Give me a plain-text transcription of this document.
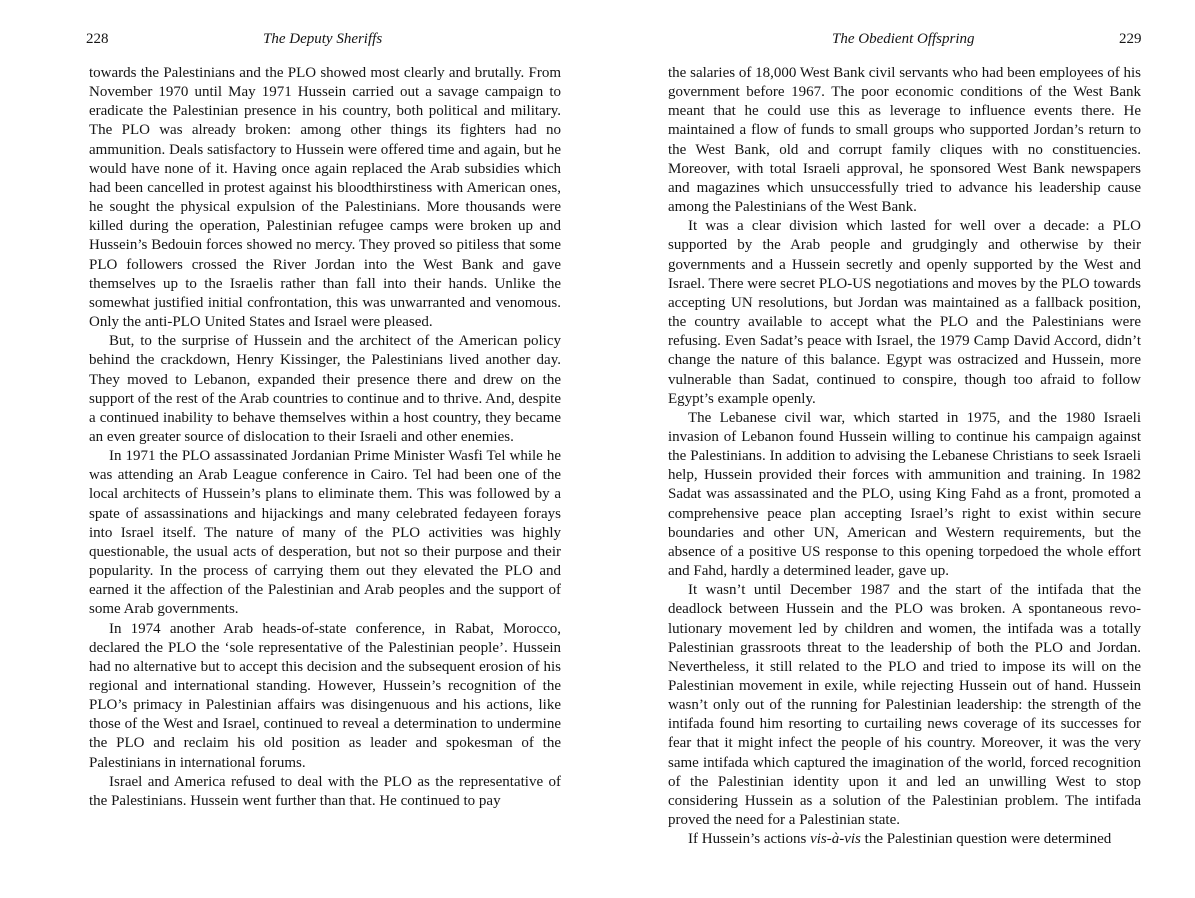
228	The Deputy Sheriffs

towards the Palestinians and the PLO showed most clearly and brutally. From November 1970 until May 1971 Hussein carried out a savage campaign to eradicate the Palestinian presence in his country, both political and military. The PLO was already broken: among other things its fighters had no ammunition. Deals satisfactory to Hussein were offered time and again, but he would have none of it. Having once again replaced the Arab subsidies which had been cancelled in protest against his bloodthirstiness with American ones, he sought the physical expulsion of the Palestinians. More thousands were killed during the operation, Palestinian refugee camps were broken up and Hussein’s Bedouin forces showed no mercy. They proved so pitiless that some PLO followers crossed the River Jordan into the West Bank and gave themselves up to the Israelis rather than fall into their hands. Unlike the somewhat justified initial confrontation, this was unwarranted and venomous. Only the anti-PLO United States and Israel were pleased.

But, to the surprise of Hussein and the architect of the American policy behind the crackdown, Henry Kissinger, the Palestinians lived another day. They moved to Lebanon, expanded their presence there and drew on the support of the rest of the Arab countries to continue and to thrive. And, despite a continued inability to behave themselves within a host country, they became an even greater source of dislocation to their Israeli and other enemies.

In 1971 the PLO assassinated Jordanian Prime Minister Wasfi Tel while he was attending an Arab League conference in Cairo. Tel had been one of the local architects of Hussein’s plans to eliminate them. This was followed by a spate of assassinations and hijackings and many celebrated fedayeen forays into Israel itself. The nature of many of the PLO activities was highly questionable, the usual acts of desperation, but not so their purpose and their popularity. In the process of carrying them out they elevated the PLO and earned it the affection of the Palestinian and Arab peoples and the support of some Arab governments.

In 1974 another Arab heads-of-state conference, in Rabat, Morocco, declared the PLO the ‘sole representative of the Palestinian people’. Hussein had no alternative but to accept this decision and the subsequent erosion of his regional and international standing. However, Hussein’s recognition of the PLO’s primacy in Palestinian affairs was disingenuous and his actions, like those of the West and Israel, continued to reveal a determination to undermine the PLO and reclaim his old position as leader and spokesman of the Palestinians in international forums.

Israel and America refused to deal with the PLO as the representative of the Palestinians. Hussein went further than that. He continued to pay

The Obedient Offspring	229

the salaries of 18,000 West Bank civil servants who had been employees of his government before 1967. The poor economic conditions of the West Bank meant that he could use this as leverage to influence events there. He maintained a flow of funds to small groups who supported Jordan’s return to the West Bank, old and corrupt family cliques with no constituencies. Moreover, with total Israeli approval, he sponsored West Bank newspapers and magazines which unsuccessfully tried to advance his leadership cause among the Palestinians of the West Bank.

It was a clear division which lasted for well over a decade: a PLO supported by the Arab people and grudgingly and otherwise by their governments and a Hussein secretly and openly supported by the West and Israel. There were secret PLO-US negotiations and moves by the PLO towards accepting UN resolutions, but Jordan was maintained as a fallback position, the country available to accept what the PLO and the Palestinians were refusing. Even Sadat’s peace with Israel, the 1979 Camp David Accord, didn’t change the nature of this balance. Egypt was ostracized and Hussein, more vulnerable than Sadat, continued to conspire, though too afraid to follow Egypt’s example openly.

The Lebanese civil war, which started in 1975, and the 1980 Israeli invasion of Lebanon found Hussein willing to continue his campaign against the Palestinians. In addition to advising the Lebanese Christians to seek Israeli help, Hussein provided their forces with ammunition and training. In 1982 Sadat was assassinated and the PLO, using King Fahd as a front, promoted a comprehensive peace plan accepting Israel’s right to exist within secure boundaries and other UN, American and Western requirements, but the absence of a positive US response to this opening torpedoed the whole effort and Fahd, hardly a determined leader, gave up.

It wasn’t until December 1987 and the start of the intifada that the deadlock between Hussein and the PLO was broken. A spontaneous revolutionary movement led by children and women, the intifada was a totally Palestinian grassroots threat to the leadership of both the PLO and Jordan. Nevertheless, it still related to the PLO and tried to impose its will on the Palestinian movement in exile, while rejecting Hussein out of hand. Hussein wasn’t only out of the running for Palestinian leadership: the strength of the intifada found him resorting to curtailing news coverage of its successes for fear that it might infect the people of his country. Moreover, it was the very same intifada which captured the imagination of the world, forced recognition of the Palestinian identity upon it and led an unwilling West to stop considering Hussein as a solution of the Palestinian problem. The intifada proved the need for a Palestinian state.

If Hussein’s actions vis-à-vis the Palestinian question were determined
